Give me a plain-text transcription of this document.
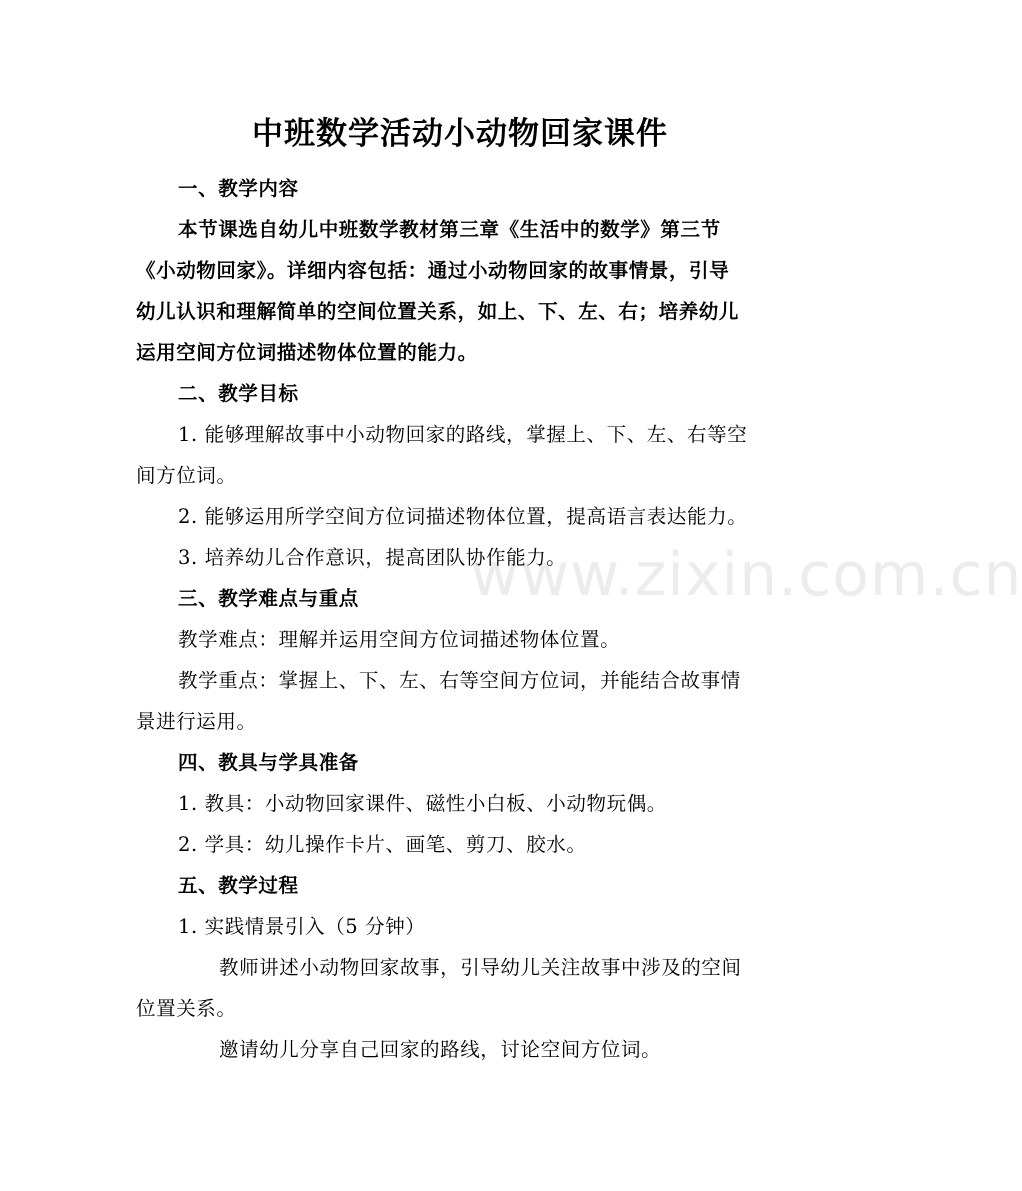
www.zixin.com.cn
中班数学活动小动物回家课件
一、教学内容
本节课选自幼儿中班数学教材第三章《生活中的数学》第三节
《小动物回家》。详细内容包括：通过小动物回家的故事情景，引导
幼儿认识和理解简单的空间位置关系，如上、下、左、右；培养幼儿
运用空间方位词描述物体位置的能力。
二、教学目标
1. 能够理解故事中小动物回家的路线，掌握上、下、左、右等空
间方位词。
2. 能够运用所学空间方位词描述物体位置，提高语言表达能力。
3. 培养幼儿合作意识，提高团队协作能力。
三、教学难点与重点
教学难点：理解并运用空间方位词描述物体位置。
教学重点：掌握上、下、左、右等空间方位词，并能结合故事情
景进行运用。
四、教具与学具准备
1. 教具：小动物回家课件、磁性小白板、小动物玩偶。
2. 学具：幼儿操作卡片、画笔、剪刀、胶水。
五、教学过程
1. 实践情景引入（5 分钟）
教师讲述小动物回家故事，引导幼儿关注故事中涉及的空间
位置关系。
邀请幼儿分享自己回家的路线，讨论空间方位词。
